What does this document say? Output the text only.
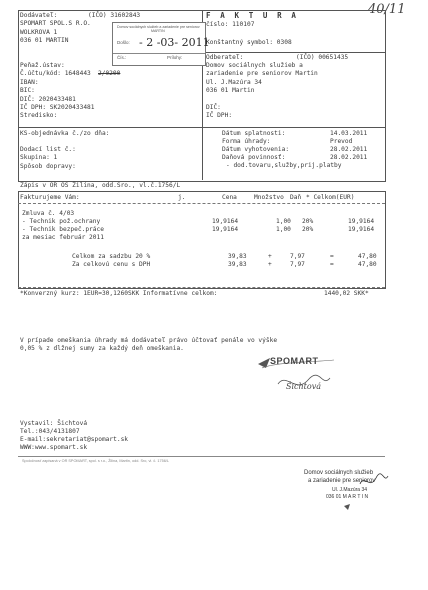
40/11
Dodávateľ:	(IČO) 31602843
SPOMART SPOL.S R.O.
WOLKROVA 1
036 01 MARTIN
Domov sociálnych služieb a zariadenie pre seniorov
MARTIN
Došlo: - 2 -03- 2011
Čís.:	Prílohy:
F A K T U R A
číslo: 110107
Konštantný symbol: 0308
Peňaž.ústav:
Č.účtu/kód: 1648443 2/0200
IBAN:
BIC:
DIČ: 2020433481
IČ DPH: SK2020433481
Stredisko:
Odberateľ:	(IČO) 00651435
Domov sociálnych služieb a
zariadenie pre seniorov Martin
Ul. J.Mazúra 34
036 01 Martin
DIČ:
IČ DPH:
KS-objednávka č./zo dňa:
Dodací list č.:
Skupina: 1
Spôsob dopravy:
Dátum splatnosti:	14.03.2011
Forma úhrady:	Prevod
Dátum vyhotovenia:	28.02.2011
Daňová povinnosť:	28.02.2011
- dod.tovaru,služby,prij.platby
Zápis v OR OS Žilina, odd.Sro., vl.č.1756/L
Fakturujeme Vám:	j.	Cena	Množstvo Daň * Celkom(EUR)
Zmluva č. 4/03
- Technik pož.ochrany	19,9164	1,00 20%	19,9164
- Technik bezpeč.práce	19,9164	1,00 20%	19,9164
za mesiac február 2011
Celkom za sadzbu 20 %	39,83	+	7,97	=	47,80
Za celkovú cenu s DPH	39,83	+	7,97	=	47,80
*Konverzný kurz: 1EUR=30,1260SKK Informatívne celkom:	1440,02 SKK*
V prípade omeškania úhrady má dodávateľ právo účtovať penále vo výške
0,05 % z dlžnej sumy za každý deň omeškania.
SPOMART
Šichtová
Vystavil: Šichtová
Tel.:043/4131807
E-mail:sekretariat@spomart.sk
WWW:www.spomart.sk
Spoločnosť zapísaná v OR SPOMART, spol. s r.o., Žilina, Martin, odd. Sro, vl. č. 1756/L
Domov sociálnych služieb
a zariadenie pre seniorov
Ul. J.Mazúra 34
036 01 M A R T I N
